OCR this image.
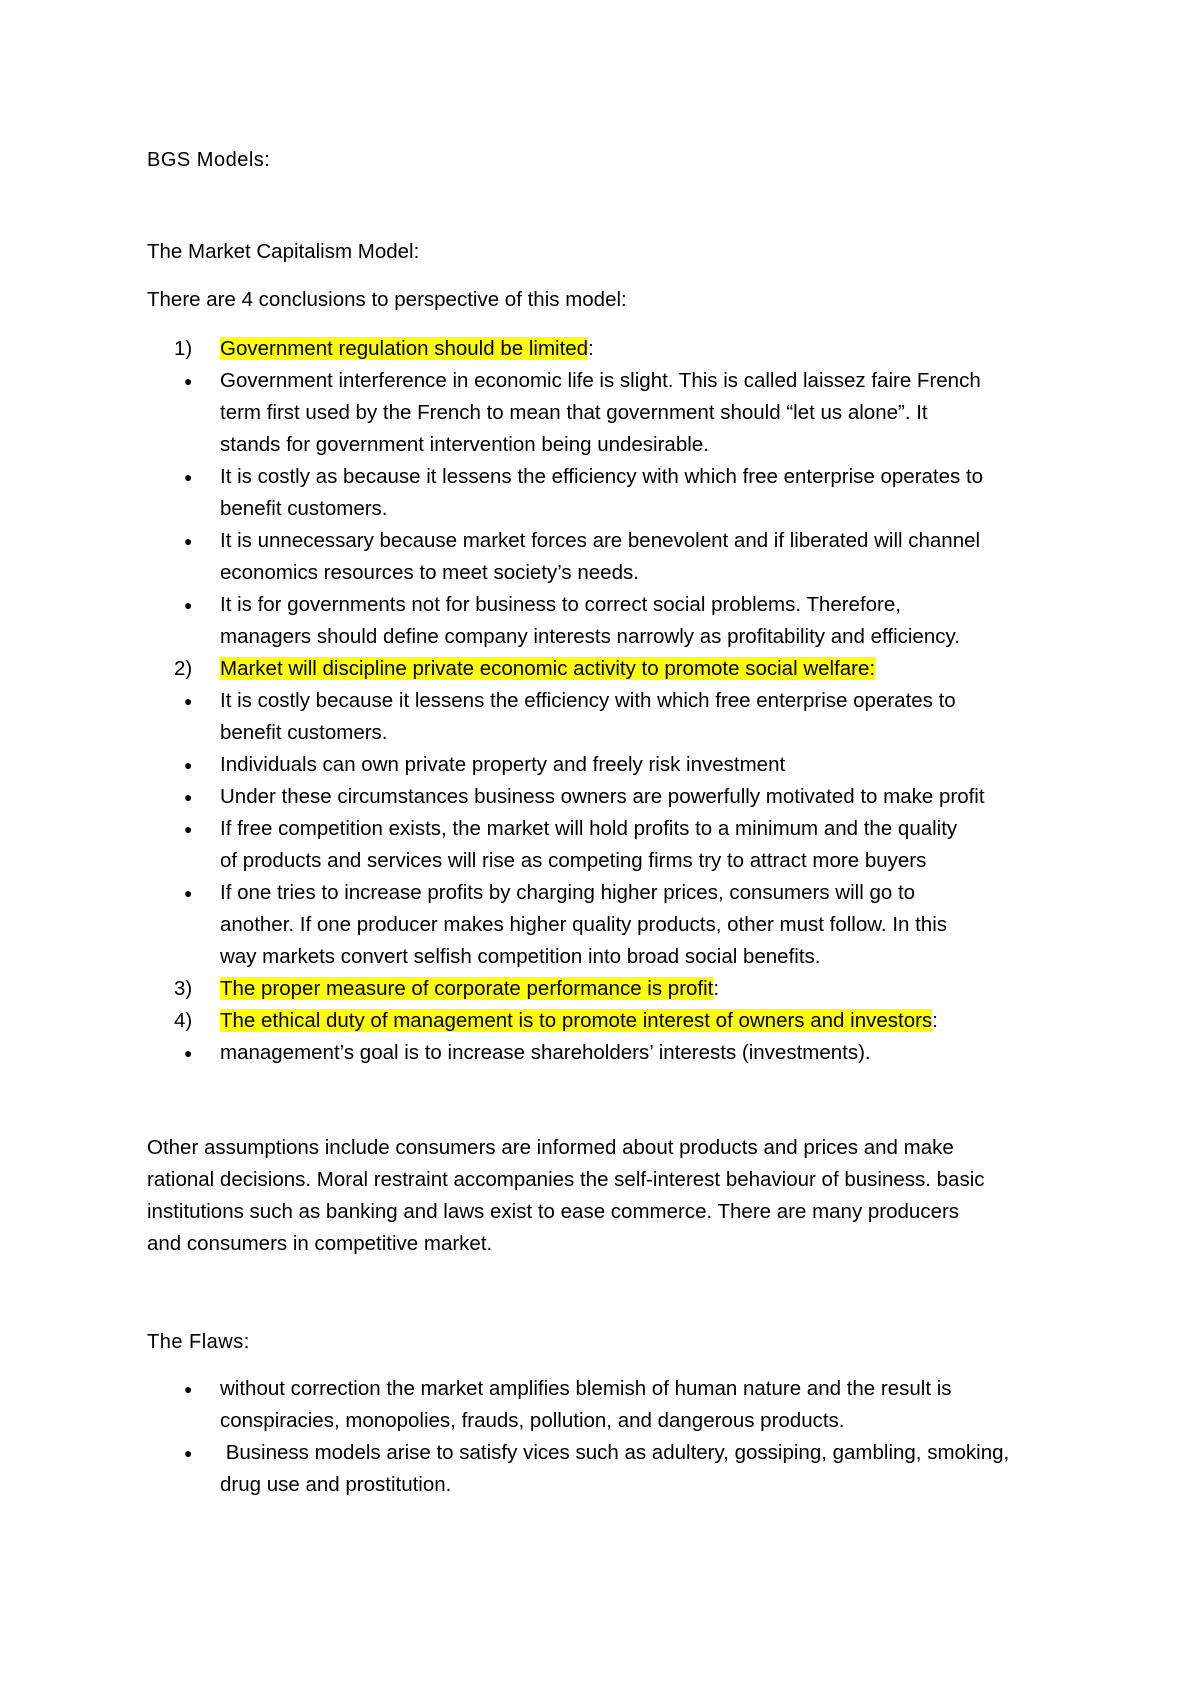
BGS Models:
The Market Capitalism Model:
There are 4 conclusions to perspective of this model:
1) Government regulation should be limited:
● Government interference in economic life is slight. This is called laissez faire French
term first used by the French to mean that government should “let us alone”. It
stands for government intervention being undesirable.
● It is costly as because it lessens the efficiency with which free enterprise operates to
benefit customers.
● It is unnecessary because market forces are benevolent and if liberated will channel
economics resources to meet society’s needs.
● It is for governments not for business to correct social problems. Therefore,
managers should define company interests narrowly as profitability and efficiency.
2) Market will discipline private economic activity to promote social welfare:
● It is costly because it lessens the efficiency with which free enterprise operates to
benefit customers.
● Individuals can own private property and freely risk investment
● Under these circumstances business owners are powerfully motivated to make profit
● If free competition exists, the market will hold profits to a minimum and the quality
of products and services will rise as competing firms try to attract more buyers
● If one tries to increase profits by charging higher prices, consumers will go to
another. If one producer makes higher quality products, other must follow. In this
way markets convert selfish competition into broad social benefits.
3) The proper measure of corporate performance is profit:
4) The ethical duty of management is to promote interest of owners and investors:
● management’s goal is to increase shareholders’ interests (investments).
Other assumptions include consumers are informed about products and prices and make
rational decisions. Moral restraint accompanies the self-interest behaviour of business. basic
institutions such as banking and laws exist to ease commerce. There are many producers
and consumers in competitive market.
The Flaws:
● without correction the market amplifies blemish of human nature and the result is
conspiracies, monopolies, frauds, pollution, and dangerous products.
● Business models arise to satisfy vices such as adultery, gossiping, gambling, smoking,
drug use and prostitution.
